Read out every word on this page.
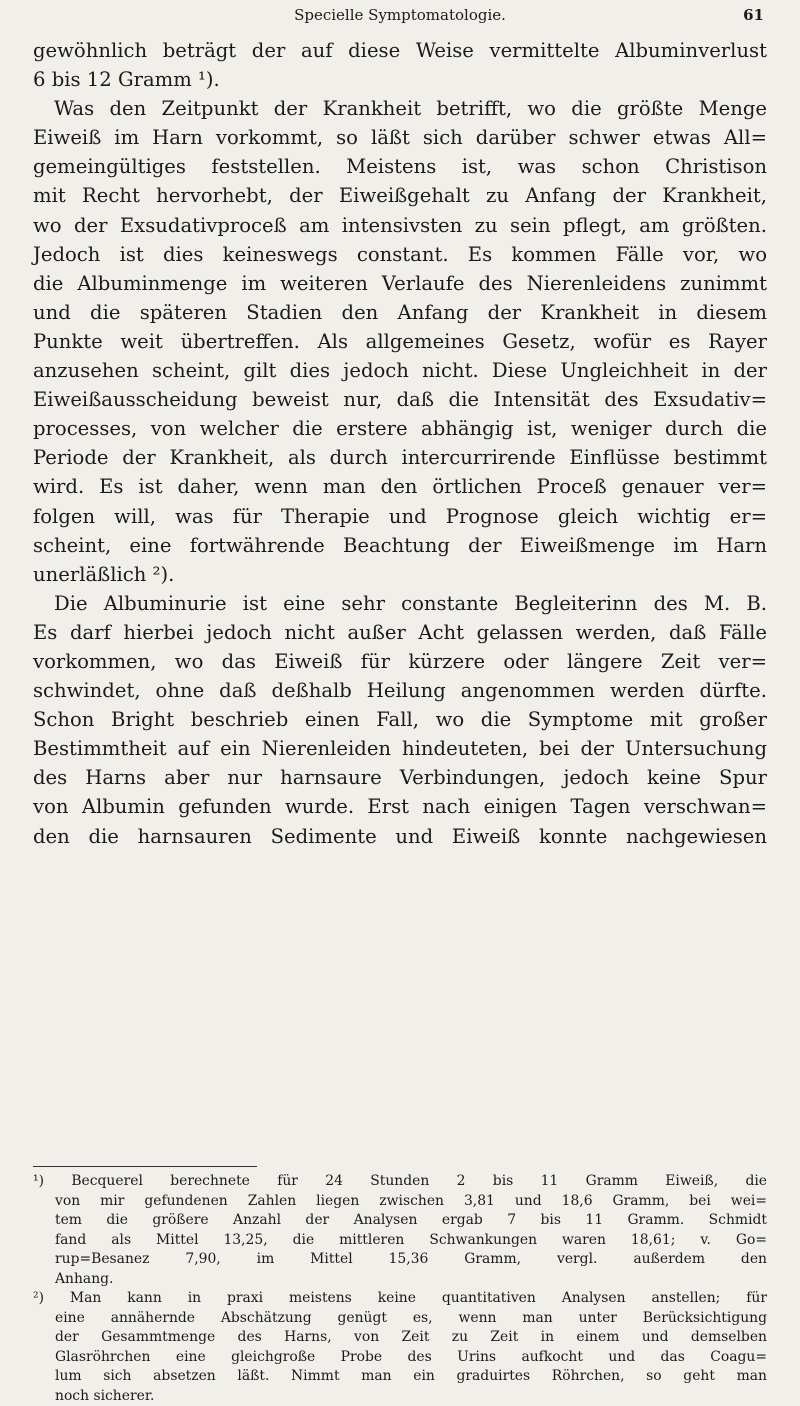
Specielle Symptomatologie.	61
gewöhnlich beträgt der auf diese Weise vermittelte Albuminverlust
6 bis 12 Gramm ¹).
Was den Zeitpunkt der Krankheit betrifft, wo die größte Menge
Eiweiß im Harn vorkommt, so läßt sich darüber schwer etwas All=
gemeingültiges feststellen. Meistens ist, was schon Christison
mit Recht hervorhebt, der Eiweißgehalt zu Anfang der Krankheit,
wo der Exsudativproceß am intensivsten zu sein pflegt, am größten.
Jedoch ist dies keineswegs constant. Es kommen Fälle vor, wo
die Albuminmenge im weiteren Verlaufe des Nierenleidens zunimmt
und die späteren Stadien den Anfang der Krankheit in diesem
Punkte weit übertreffen. Als allgemeines Gesetz, wofür es Rayer
anzusehen scheint, gilt dies jedoch nicht. Diese Ungleichheit in der
Eiweißausscheidung beweist nur, daß die Intensität des Exsudativ=
processes, von welcher die erstere abhängig ist, weniger durch die
Periode der Krankheit, als durch intercurrirende Einflüsse bestimmt
wird. Es ist daher, wenn man den örtlichen Proceß genauer ver=
folgen will, was für Therapie und Prognose gleich wichtig er=
scheint, eine fortwährende Beachtung der Eiweißmenge im Harn
unerläßlich ²).
Die Albuminurie ist eine sehr constante Begleiterinn des M. B.
Es darf hierbei jedoch nicht außer Acht gelassen werden, daß Fälle
vorkommen, wo das Eiweiß für kürzere oder längere Zeit ver=
schwindet, ohne daß deßhalb Heilung angenommen werden dürfte.
Schon Bright beschrieb einen Fall, wo die Symptome mit großer
Bestimmtheit auf ein Nierenleiden hindeuteten, bei der Untersuchung
des Harns aber nur harnsaure Verbindungen, jedoch keine Spur
von Albumin gefunden wurde. Erst nach einigen Tagen verschwan=
den die harnsauren Sedimente und Eiweiß konnte nachgewiesen
¹) Becquerel berechnete für 24 Stunden 2 bis 11 Gramm Eiweiß, die
von mir gefundenen Zahlen liegen zwischen 3,81 und 18,6 Gramm, bei wei=
tem die größere Anzahl der Analysen ergab 7 bis 11 Gramm. Schmidt
fand als Mittel 13,25, die mittleren Schwankungen waren 18,61; v. Go=
rup=Besanez 7,90, im Mittel 15,36 Gramm, vergl. außerdem den
Anhang.
²) Man kann in praxi meistens keine quantitativen Analysen anstellen; für
eine annähernde Abschätzung genügt es, wenn man unter Berücksichtigung
der Gesammtmenge des Harns, von Zeit zu Zeit in einem und demselben
Glasröhrchen eine gleichgroße Probe des Urins aufkocht und das Coagu=
lum sich absetzen läßt. Nimmt man ein graduirtes Röhrchen, so geht man
noch sicherer.
